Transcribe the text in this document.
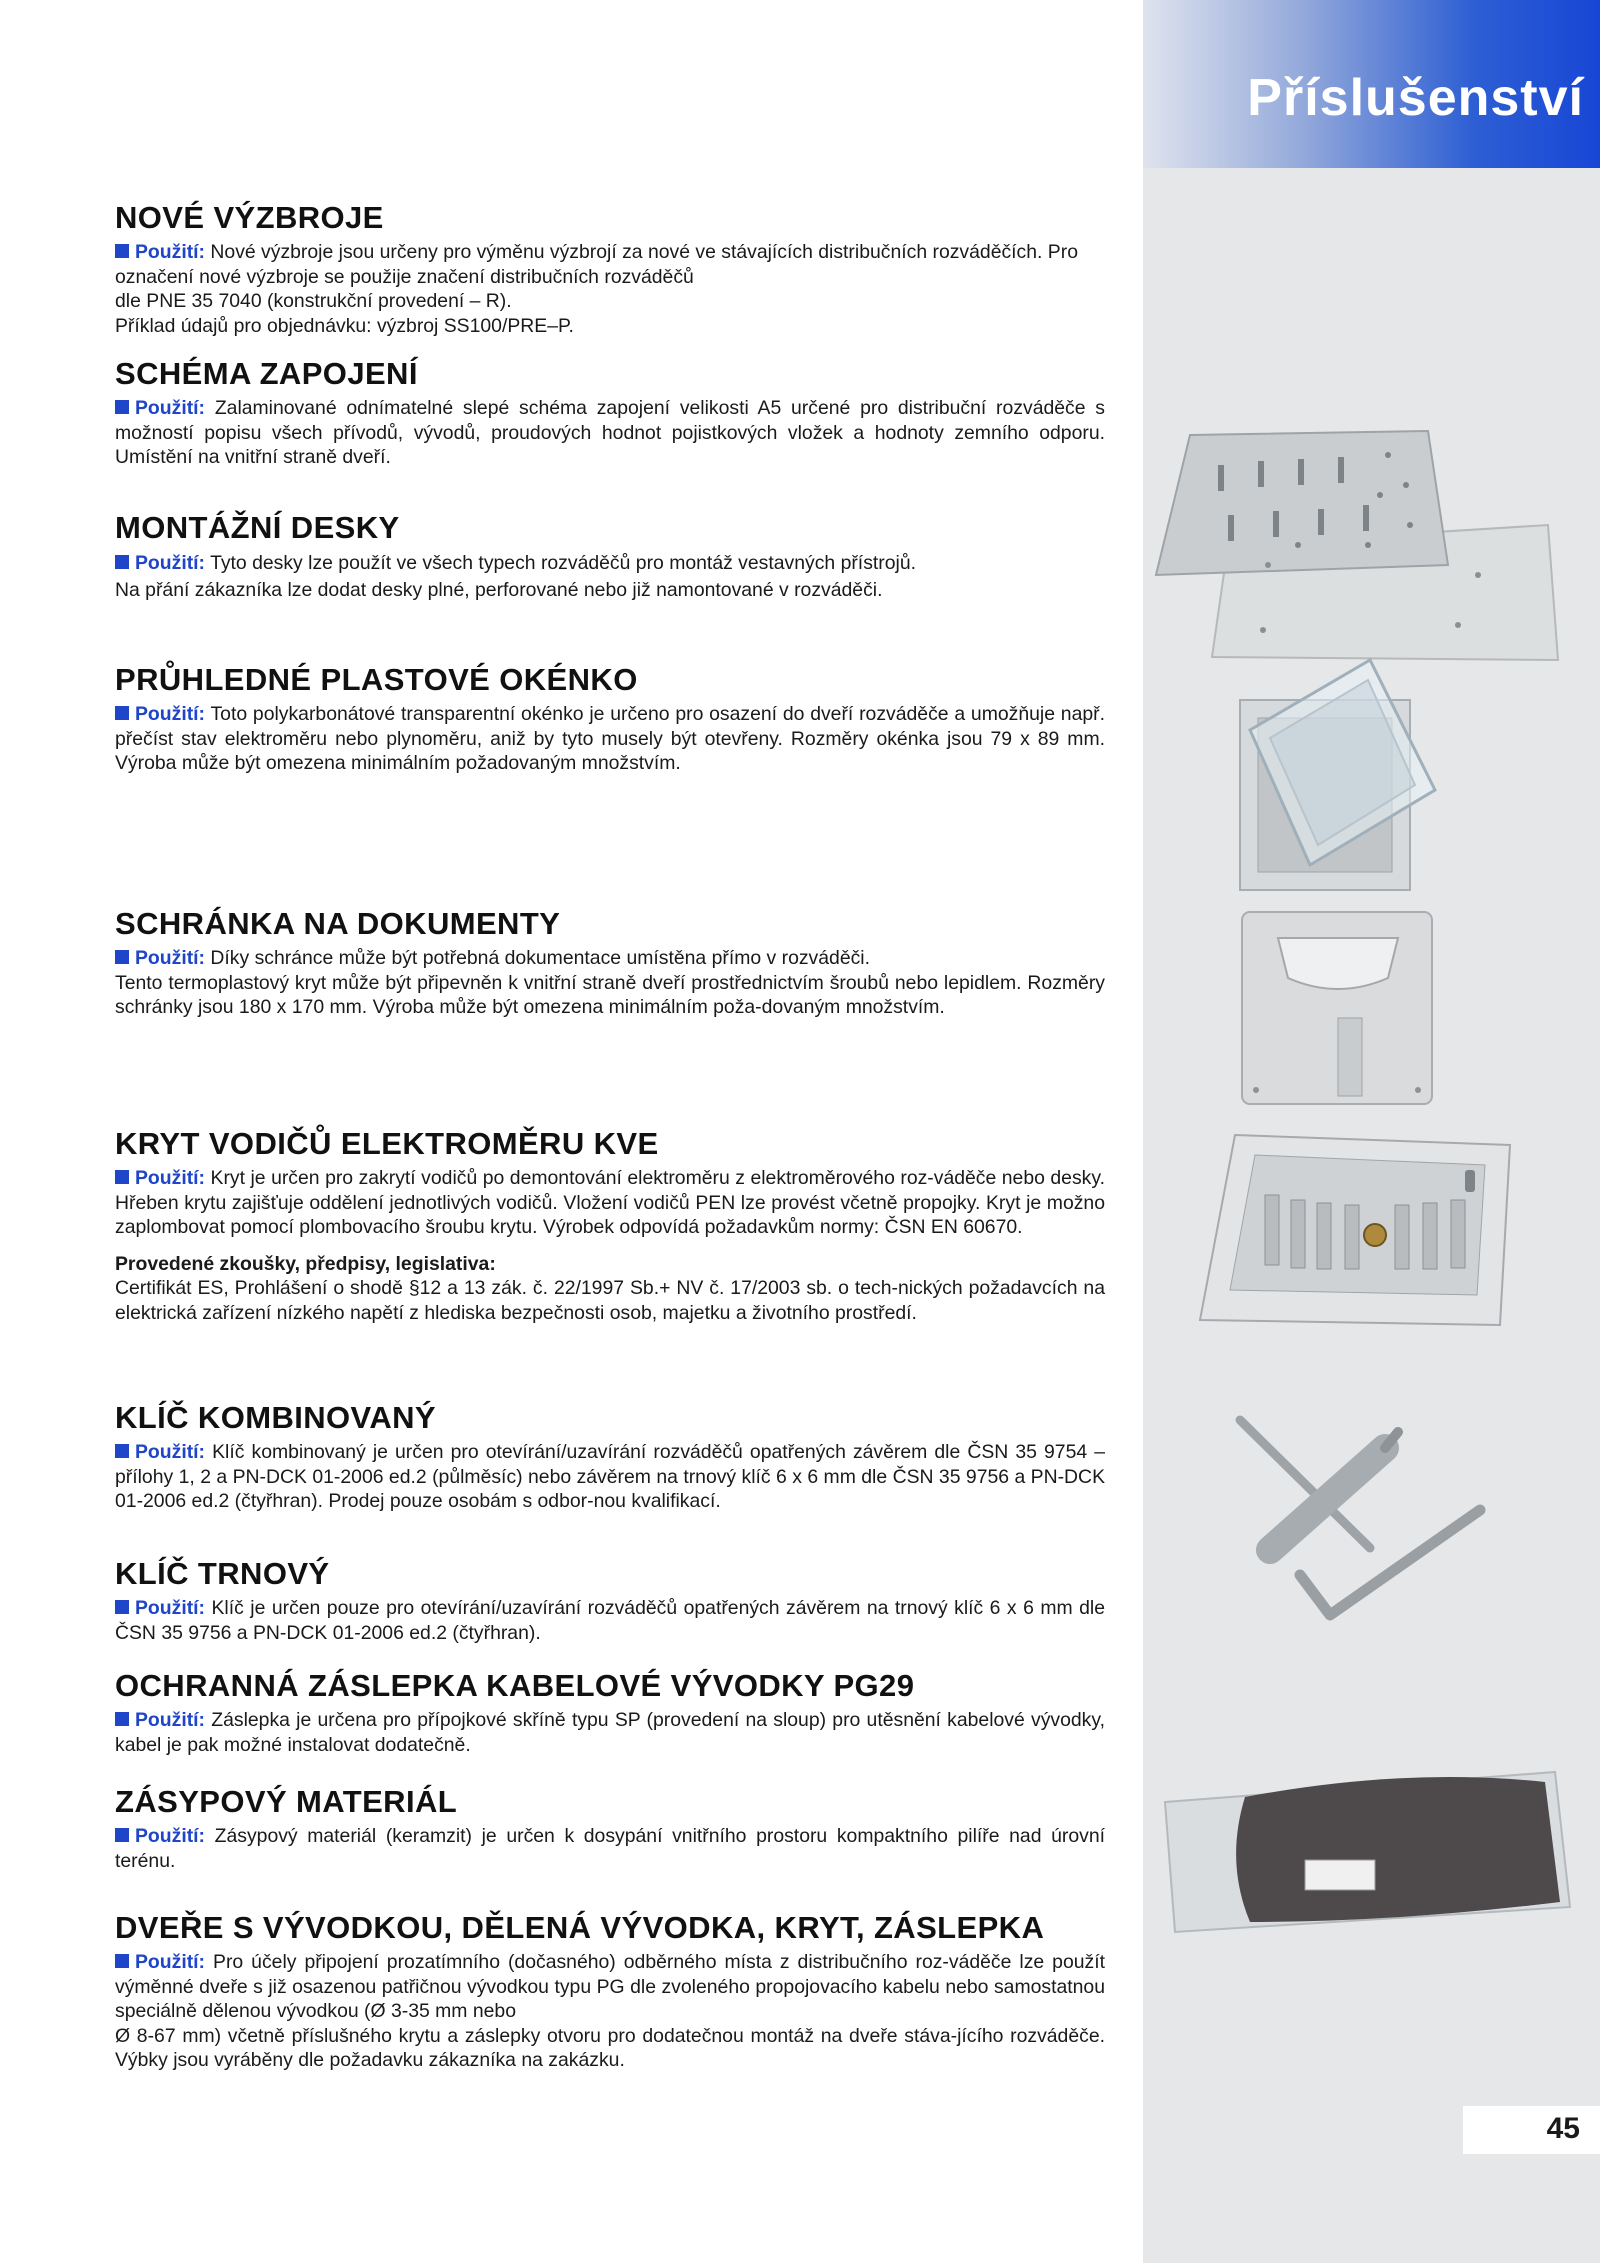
Příslušenství
NOVÉ VÝZBROJE

Použití: Nové výzbroje jsou určeny pro výměnu výzbrojí za nové ve stávajících distribučních rozváděčích. Pro označení nové výzbroje se použije značení distribučních rozváděčů

dle PNE 35 7040 (konstrukční provedení – R).

Příklad údajů pro objednávku: výzbroj SS100/PRE–P.

SCHÉMA ZAPOJENÍ

Použití: Zalaminované odnímatelné slepé schéma zapojení velikosti A5 určené pro distribuční rozváděče s možností popisu všech přívodů, vývodů, proudových hodnot pojistkových vložek a hodnoty zemního odporu. Umístění na vnitřní straně dveří.

MONTÁŽNÍ DESKY

Použití: Tyto desky lze použít ve všech typech rozváděčů pro montáž vestavných přístrojů.

Na přání zákazníka lze dodat desky plné, perforované nebo již namontované v rozváděči.

PRŮHLEDNÉ PLASTOVÉ OKÉNKO

Použití: Toto polykarbonátové transparentní okénko je určeno pro osazení do dveří rozváděče a umožňuje např. přečíst stav elektroměru nebo plynoměru, aniž by tyto musely být otevřeny. Rozměry okénka jsou 79 x 89 mm. Výroba může být omezena minimálním požadovaným množstvím.

SCHRÁNKA NA DOKUMENTY

Použití: Díky schránce může být potřebná dokumentace umístěna přímo v rozváděči.

Tento termoplastový kryt může být připevněn k vnitřní straně dveří prostřednictvím šroubů nebo lepidlem. Rozměry schránky jsou 180 x 170 mm. Výroba může být omezena minimálním poža-dovaným množstvím.

KRYT VODIČŮ ELEKTROMĚRU KVE

Použití: Kryt je určen pro zakrytí vodičů po demontování elektroměru z elektroměrového roz-váděče nebo desky. Hřeben krytu zajišťuje oddělení jednotlivých vodičů. Vložení vodičů PEN lze provést včetně propojky. Kryt je možno zaplombovat pomocí plombovacího šroubu krytu. Výrobek odpovídá požadavkům normy: ČSN EN 60670.

Provedené zkoušky, předpisy, legislativa:

Certifikát ES, Prohlášení o shodě §12 a 13 zák. č. 22/1997 Sb.+ NV č. 17/2003 sb. o tech-nických požadavcích na elektrická zařízení nízkého napětí z hlediska bezpečnosti osob, majetku a životního prostředí.

KLÍČ KOMBINOVANÝ

Použití: Klíč kombinovaný je určen pro otevírání/uzavírání rozváděčů opatřených závěrem dle ČSN 35 9754 – přílohy 1, 2 a PN-DCK 01-2006 ed.2 (půlměsíc) nebo závěrem na trnový klíč 6 x 6 mm dle ČSN 35 9756 a PN-DCK 01-2006 ed.2 (čtyřhran). Prodej pouze osobám s odbor-nou kvalifikací.

KLÍČ TRNOVÝ

Použití: Klíč je určen pouze pro otevírání/uzavírání rozváděčů opatřených závěrem na trnový klíč 6 x 6 mm dle ČSN 35 9756 a PN-DCK 01-2006 ed.2 (čtyřhran).

OCHRANNÁ ZÁSLEPKA KABELOVÉ VÝVODKY PG29

Použití: Záslepka je určena pro přípojkové skříně typu SP (provedení na sloup) pro utěsnění kabelové vývodky, kabel je pak možné instalovat dodatečně.

ZÁSYPOVÝ MATERIÁL

Použití: Zásypový materiál (keramzit) je určen k dosypání vnitřního prostoru kompaktního pilíře nad úrovní terénu.

DVEŘE S VÝVODKOU, DĚLENÁ VÝVODKA, KRYT, ZÁSLEPKA

Použití: Pro účely připojení prozatímního (dočasného) odběrného místa z distribučního roz-váděče lze použít výměnné dveře s již osazenou patřičnou vývodkou typu PG dle zvoleného propojovacího kabelu nebo samostatnou speciálně dělenou vývodkou (Ø 3-35 mm nebo

Ø 8-67 mm) včetně příslušného krytu a záslepky otvoru pro dodatečnou montáž na dveře stáva-jícího rozváděče. Výbky jsou vyráběny dle požadavku zákazníka na zakázku.

45
